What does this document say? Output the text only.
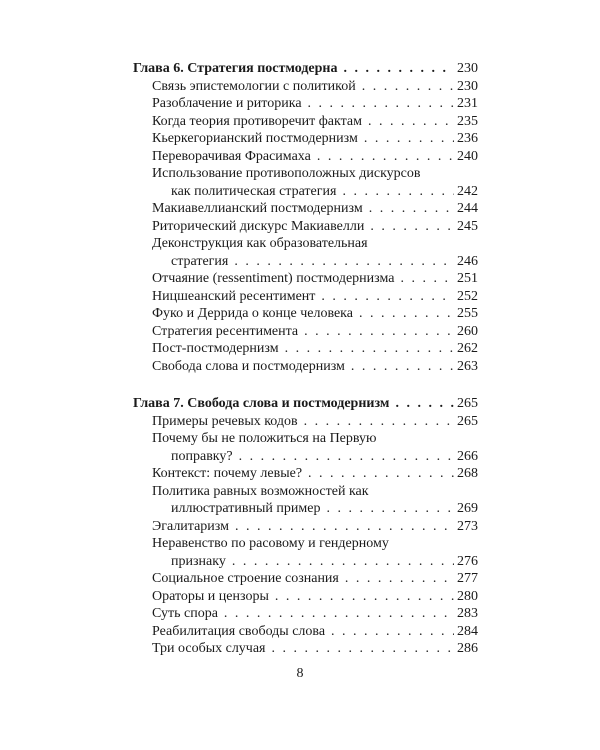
Глава 6. Стратегия постмодерна . . .	230
Связь эпистемологии с политикой . . .	230
Разоблачение и риторика . . .	231
Когда теория противоречит фактам . . .	235
Кьеркегорианский постмодернизм . . .	236
Переворачивая Фрасимаха . . .	240
Использование противоположных дискурсов
как политическая стратегия . . .	242
Макиавеллианский постмодернизм . . .	244
Риторический дискурс Макиавелли . . .	245
Деконструкция как образовательная
стратегия . . .	246
Отчаяние (ressentiment) постмодернизма . . .	251
Ницшеанский ресентимент . . .	252
Фуко и Деррида о конце человека . . .	255
Стратегия ресентимента . . .	260
Пост-постмодернизм . . .	262
Свобода слова и постмодернизм . . .	263
Глава 7. Свобода слова и постмодернизм . . .	265
Примеры речевых кодов . . .	265
Почему бы не положиться на Первую
поправку? . . .	266
Контекст: почему левые? . . .	268
Политика равных возможностей как
иллюстративный пример . . .	269
Эгалитаризм . . .	273
Неравенство по расовому и гендерному
признаку . . .	276
Социальное строение сознания . . .	277
Ораторы и цензоры . . .	280
Суть спора . . .	283
Реабилитация свободы слова . . .	284
Три особых случая . . .	286
8
